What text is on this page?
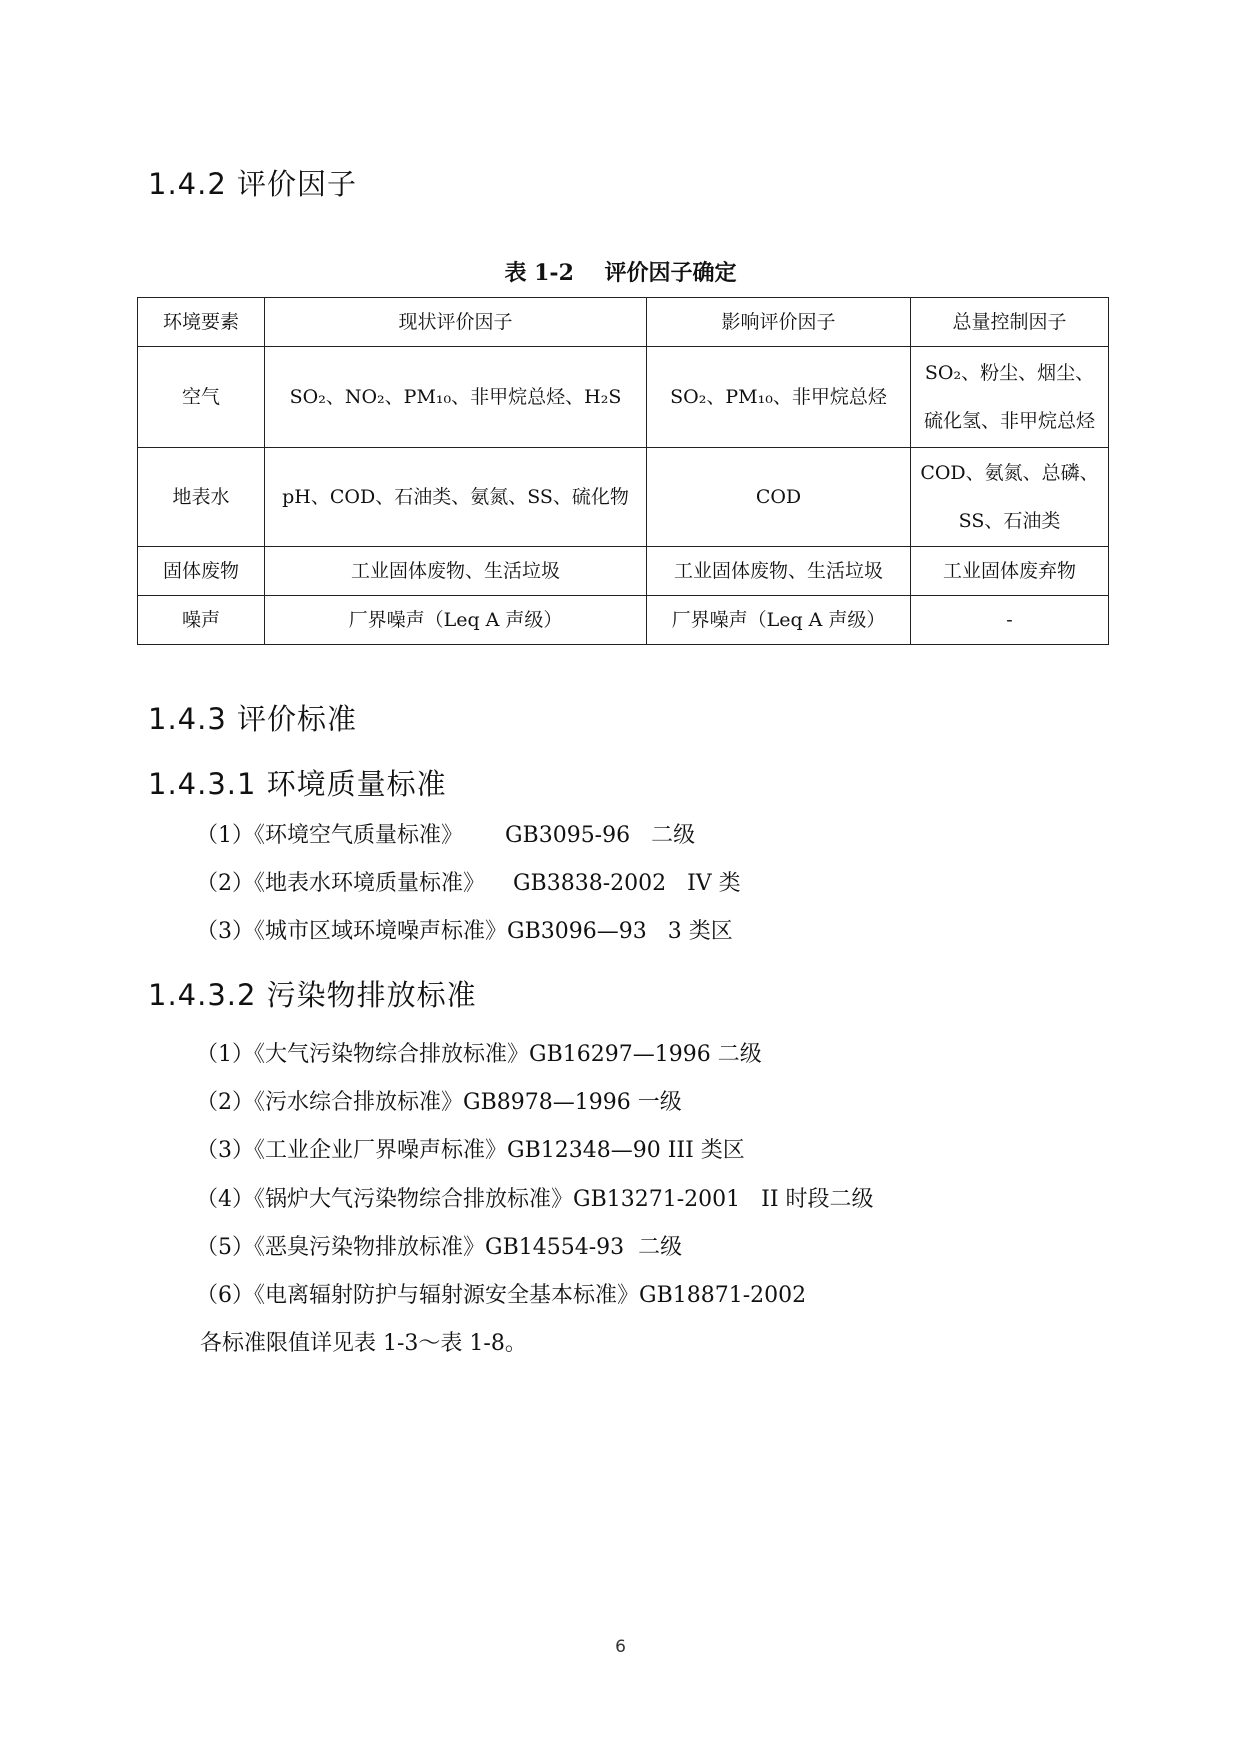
1.4.2 评价因子
表 1-2    评价因子确定
环境要素	现状评价因子	影响评价因子	总量控制因子
空气	SO₂、NO₂、PM₁₀、非甲烷总烃、H₂S	SO₂、PM₁₀、非甲烷总烃	SO₂、粉尘、烟尘、硫化氢、非甲烷总烃
地表水	pH、COD、石油类、氨氮、SS、硫化物	COD	COD、氨氮、总磷、SS、石油类
固体废物	工业固体废物、生活垃圾	工业固体废物、生活垃圾	工业固体废弃物
噪声	厂界噪声（Leq A 声级）	厂界噪声（Leq A 声级）	-
1.4.3 评价标准
1.4.3.1 环境质量标准

（1）《环境空气质量标准》      GB3095-96   二级

（2）《地表水环境质量标准》    GB3838-2002   IV 类

（3）《城市区域环境噪声标准》GB3096—93   3 类区

1.4.3.2 污染物排放标准

（1）《大气污染物综合排放标准》GB16297—1996 二级

（2）《污水综合排放标准》GB8978—1996 一级

（3）《工业企业厂界噪声标准》GB12348—90 III 类区

（4）《锅炉大气污染物综合排放标准》GB13271-2001   II 时段二级

（5）《恶臭污染物排放标准》GB14554-93  二级

（6）《电离辐射防护与辐射源安全基本标准》GB18871-2002

各标准限值详见表 1-3～表 1-8。

6
